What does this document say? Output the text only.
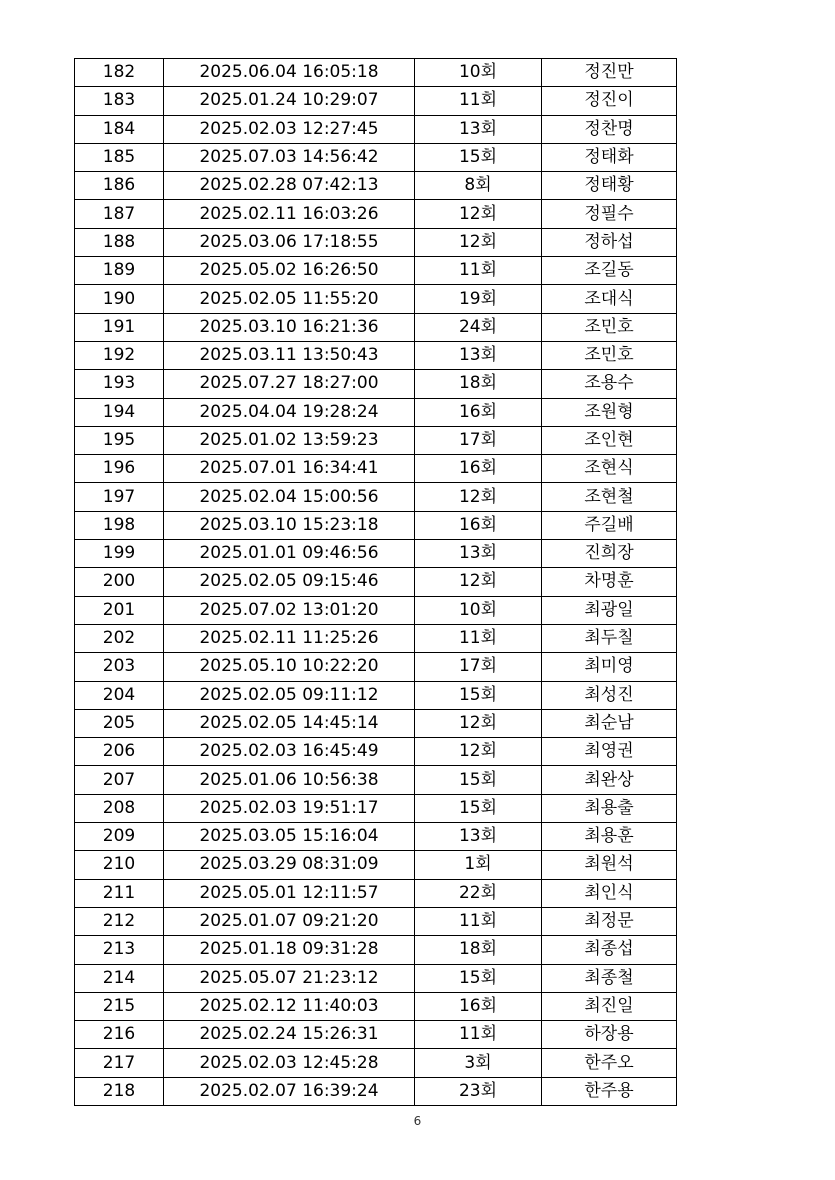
182	2025.06.04 16:05:18	10회	정진만
183	2025.01.24 10:29:07	11회	정진이
184	2025.02.03 12:27:45	13회	정찬명
185	2025.07.03 14:56:42	15회	정태화
186	2025.02.28 07:42:13	8회	정태황
187	2025.02.11 16:03:26	12회	정필수
188	2025.03.06 17:18:55	12회	정하섭
189	2025.05.02 16:26:50	11회	조길동
190	2025.02.05 11:55:20	19회	조대식
191	2025.03.10 16:21:36	24회	조민호
192	2025.03.11 13:50:43	13회	조민호
193	2025.07.27 18:27:00	18회	조용수
194	2025.04.04 19:28:24	16회	조원형
195	2025.01.02 13:59:23	17회	조인현
196	2025.07.01 16:34:41	16회	조현식
197	2025.02.04 15:00:56	12회	조현철
198	2025.03.10 15:23:18	16회	주길배
199	2025.01.01 09:46:56	13회	진희장
200	2025.02.05 09:15:46	12회	차명훈
201	2025.07.02 13:01:20	10회	최광일
202	2025.02.11 11:25:26	11회	최두칠
203	2025.05.10 10:22:20	17회	최미영
204	2025.02.05 09:11:12	15회	최성진
205	2025.02.05 14:45:14	12회	최순남
206	2025.02.03 16:45:49	12회	최영권
207	2025.01.06 10:56:38	15회	최완상
208	2025.02.03 19:51:17	15회	최용출
209	2025.03.05 15:16:04	13회	최용훈
210	2025.03.29 08:31:09	1회	최원석
211	2025.05.01 12:11:57	22회	최인식
212	2025.01.07 09:21:20	11회	최정문
213	2025.01.18 09:31:28	18회	최종섭
214	2025.05.07 21:23:12	15회	최종철
215	2025.02.12 11:40:03	16회	최진일
216	2025.02.24 15:26:31	11회	하장용
217	2025.02.03 12:45:28	3회	한주오
218	2025.02.07 16:39:24	23회	한주용
6
